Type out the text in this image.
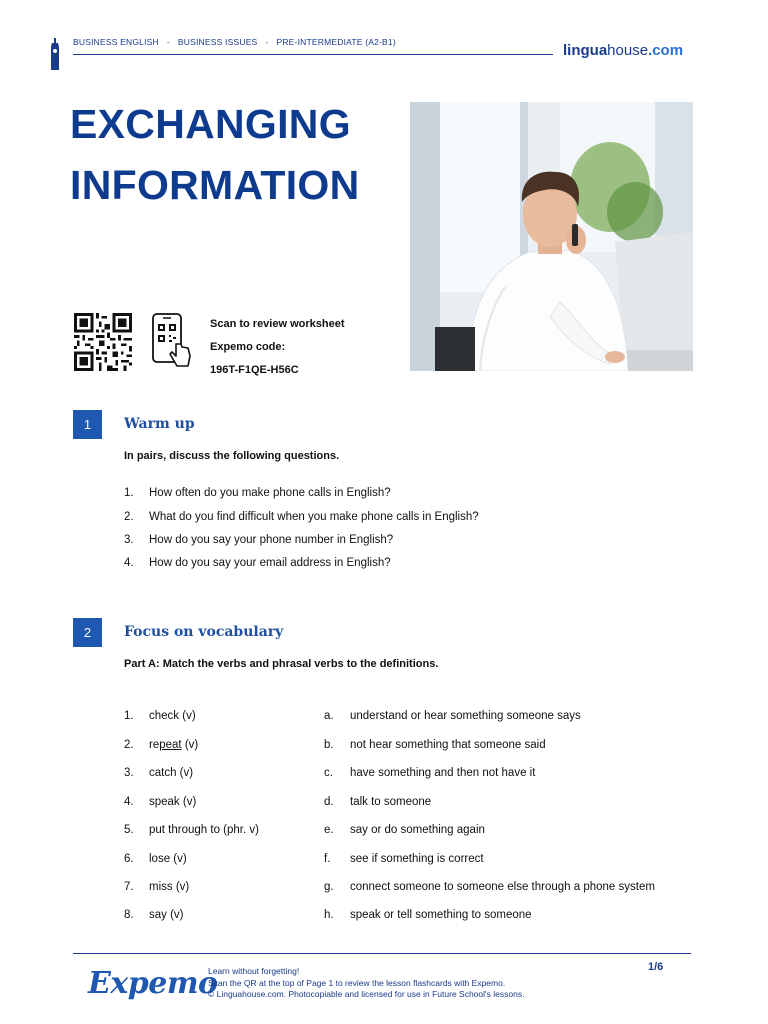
BUSINESS ENGLISH - BUSINESS ISSUES - PRE-INTERMEDIATE (A2-B1)	linguahouse.com
EXCHANGING
INFORMATION
Scan to review worksheet
Expemo code:
196T-F1QE-H56C
1	Warm up
In pairs, discuss the following questions.
1. How often do you make phone calls in English?
2. What do you find difficult when you make phone calls in English?
3. How do you say your phone number in English?
4. How do you say your email address in English?
2	Focus on vocabulary
Part A: Match the verbs and phrasal verbs to the definitions.
1. check (v)	a. understand or hear something someone says
2. repeat (v)	b. not hear something that someone said
3. catch (v)	c. have something and then not have it
4. speak (v)	d. talk to someone
5. put through to (phr. v)	e. say or do something again
6. lose (v)	f. see if something is correct
7. miss (v)	g. connect someone to someone else through a phone system
8. say (v)	h. speak or tell something to someone
Expemo
Learn without forgetting!
Scan the QR at the top of Page 1 to review the lesson flashcards with Expemo.
© Linguahouse.com. Photocopiable and licensed for use in Future School's lessons.
1/6
